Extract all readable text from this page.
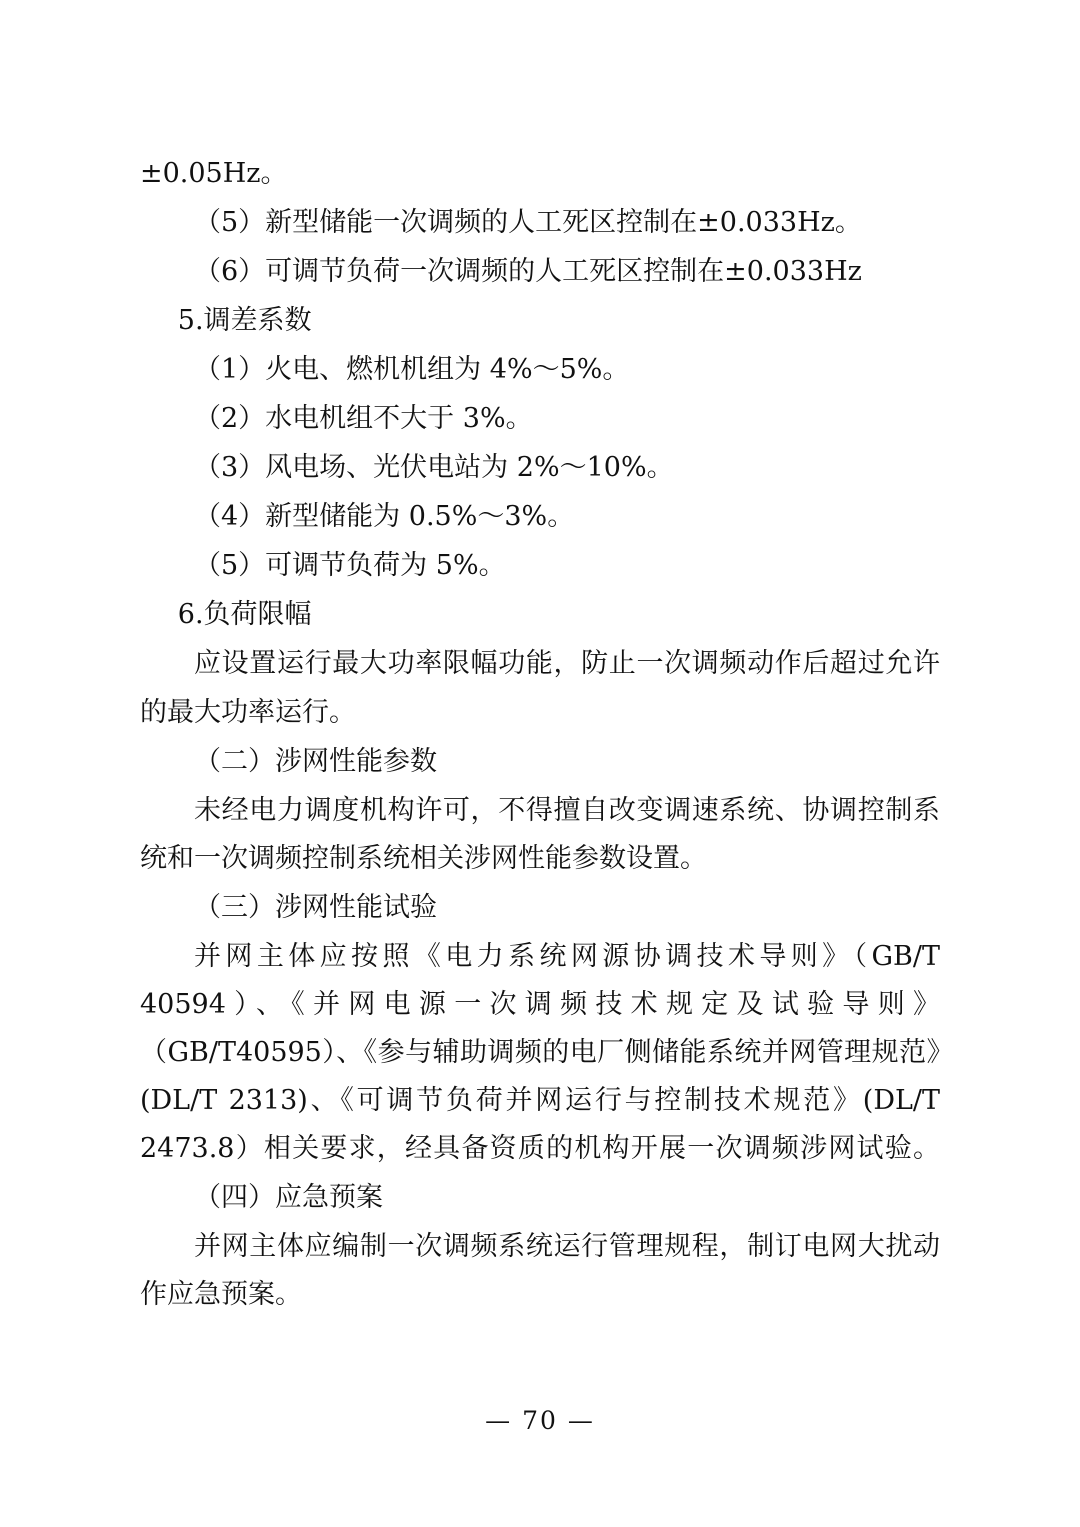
±0.05Hz。

（5）新型储能一次调频的人工死区控制在±0.033Hz。

（6）可调节负荷一次调频的人工死区控制在±0.033Hz

5.调差系数

（1）火电、燃机机组为 4%～5%。

（2）水电机组不大于 3%。

（3）风电场、光伏电站为 2%～10%。

（4）新型储能为 0.5%～3%。

（5）可调节负荷为 5%。

6.负荷限幅

应设置运行最大功率限幅功能，防止一次调频动作后超过允许的最大功率运行。

（二）涉网性能参数

未经电力调度机构许可，不得擅自改变调速系统、协调控制系统和一次调频控制系统相关涉网性能参数设置。

（三）涉网性能试验

并网主体应按照《电力系统网源协调技术导则》（GB/T 40594）、《并网电源一次调频技术规定及试验导则》（GB/T40595）、《参与辅助调频的电厂侧储能系统并网管理规范》(DL/T 2313)、《可调节负荷并网运行与控制技术规范》(DL/T 2473.8）相关要求，经具备资质的机构开展一次调频涉网试验。

（四）应急预案

并网主体应编制一次调频系统运行管理规程，制订电网大扰动作应急预案。

— 70 —
